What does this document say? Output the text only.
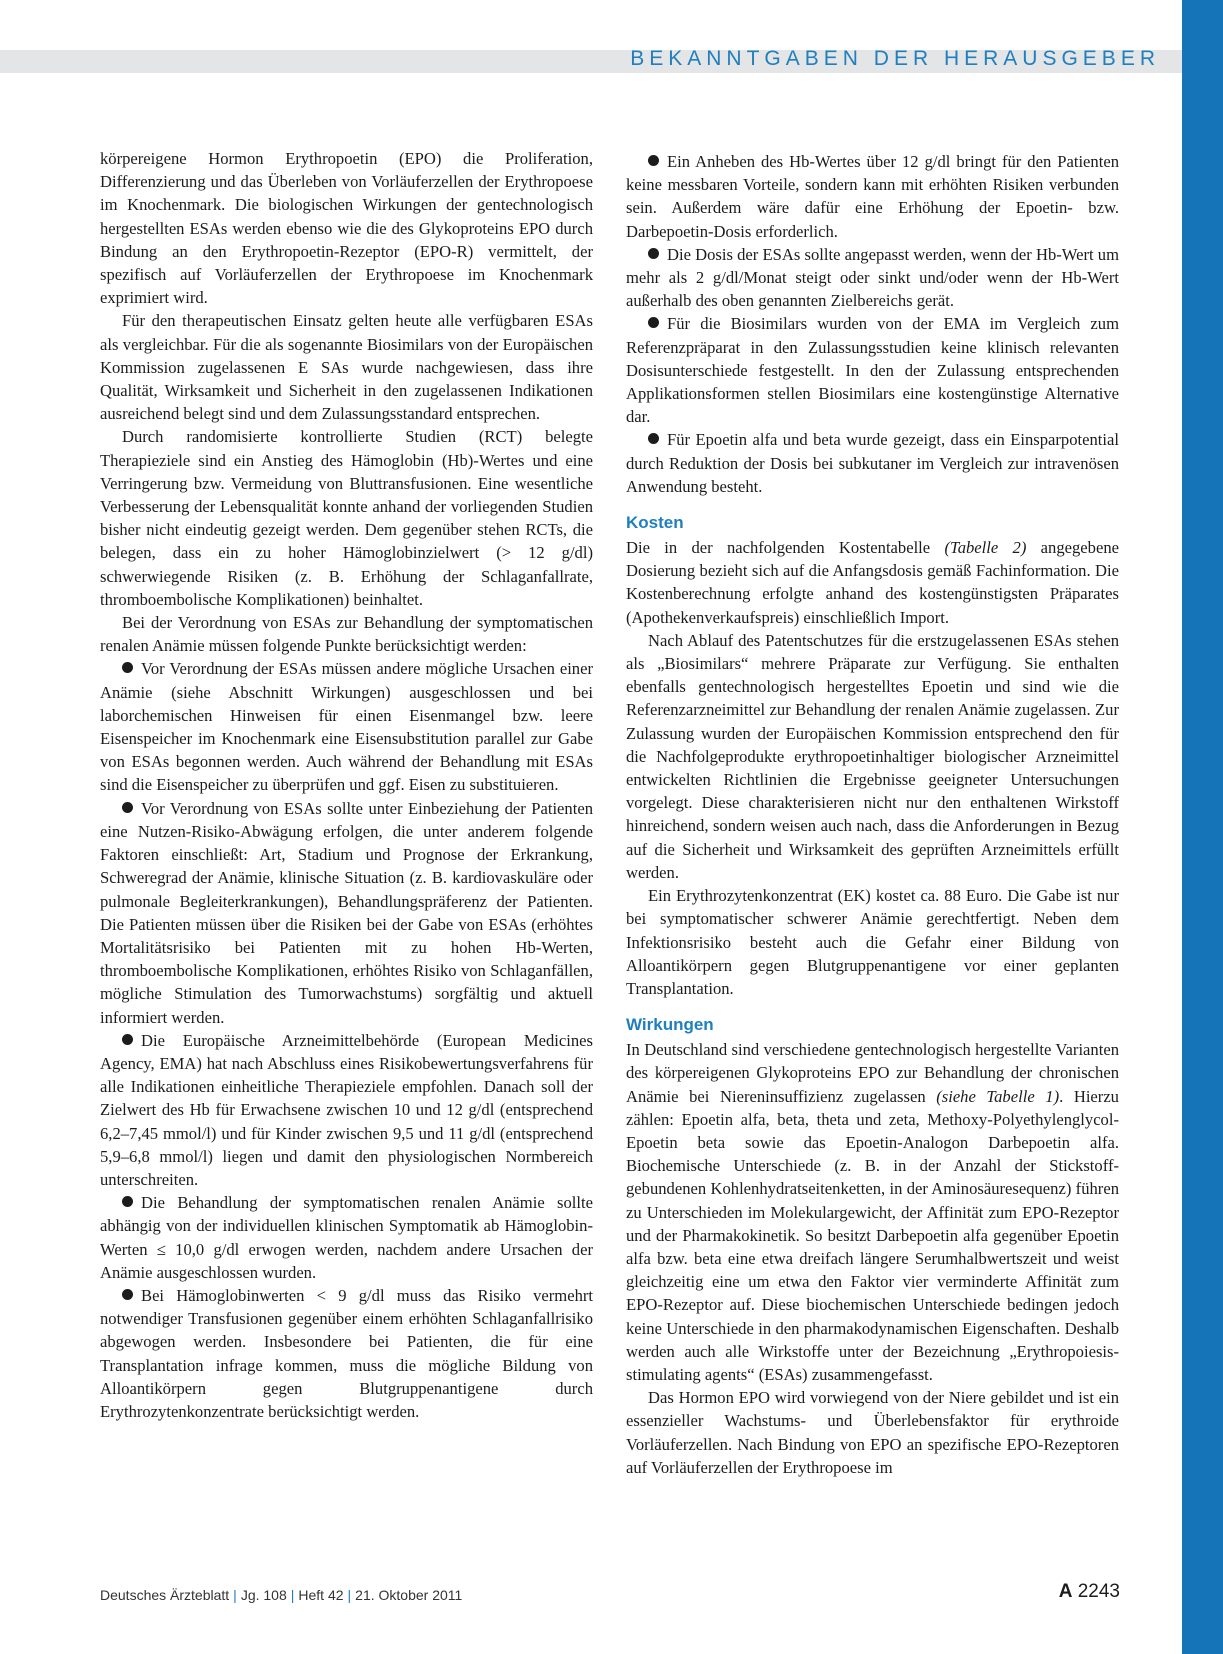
BEKANNTGABEN DER HERAUSGEBER

körpereigene Hormon Erythropoetin (EPO) die Proliferation, Differenzierung und das Überleben von Vorläuferzellen der Erythropoese im Knochenmark. Die biologischen Wirkungen der gentechnologisch hergestellten ESAs werden ebenso wie die des Glykoproteins EPO durch Bindung an den Erythropoetin-Rezeptor (EPO-R) vermittelt, der spezifisch auf Vorläuferzellen der Erythropoese im Knochenmark exprimiert wird.

Für den therapeutischen Einsatz gelten heute alle verfügbaren ESAs als vergleichbar. Für die als sogenannte Biosimilars von der Europäischen Kommission zugelassenen E SAs wurde nachgewiesen, dass ihre Qualität, Wirksamkeit und Sicherheit in den zugelassenen Indikationen ausreichend belegt sind und dem Zulassungsstandard entsprechen.

Durch randomisierte kontrollierte Studien (RCT) belegte Therapieziele sind ein Anstieg des Hämoglobin (Hb)-Wertes und eine Verringerung bzw. Vermeidung von Bluttransfusionen. Eine wesentliche Verbesserung der Lebensqualität konnte anhand der vorliegenden Studien bisher nicht eindeutig gezeigt werden. Dem gegenüber stehen RCTs, die belegen, dass ein zu hoher Hämoglobinzielwert (> 12 g/dl) schwerwiegende Risiken (z. B. Erhöhung der Schlaganfallrate, thromboembolische Komplikationen) beinhaltet.

Bei der Verordnung von ESAs zur Behandlung der symptomatischen renalen Anämie müssen folgende Punkte berücksichtigt werden:

Vor Verordnung der ESAs müssen andere mögliche Ursachen einer Anämie (siehe Abschnitt Wirkungen) ausgeschlossen und bei laborchemischen Hinweisen für einen Eisenmangel bzw. leere Eisenspeicher im Knochenmark eine Eisensubstitution parallel zur Gabe von ESAs begonnen werden. Auch während der Behandlung mit ESAs sind die Eisenspeicher zu überprüfen und ggf. Eisen zu substituieren.

Vor Verordnung von ESAs sollte unter Einbeziehung der Patienten eine Nutzen-Risiko-Abwägung erfolgen, die unter anderem folgende Faktoren einschließt: Art, Stadium und Prognose der Erkrankung, Schweregrad der Anämie, klinische Situation (z. B. kardiovaskuläre oder pulmonale Begleiterkrankungen), Behandlungspräferenz der Patienten. Die Patienten müssen über die Risiken bei der Gabe von ESAs (erhöhtes Mortalitätsrisiko bei Patienten mit zu hohen Hb-Werten, thromboembolische Komplikationen, erhöhtes Risiko von Schlaganfällen, mögliche Stimulation des Tumorwachstums) sorgfältig und aktuell informiert werden.

Die Europäische Arzneimittelbehörde (European Medicines Agency, EMA) hat nach Abschluss eines Risikobewertungsverfahrens für alle Indikationen einheitliche Therapieziele empfohlen. Danach soll der Zielwert des Hb für Erwachsene zwischen 10 und 12 g/dl (entsprechend 6,2–7,45 mmol/l) und für Kinder zwischen 9,5 und 11 g/dl (entsprechend 5,9–6,8 mmol/l) liegen und damit den physiologischen Normbereich unterschreiten.

Die Behandlung der symptomatischen renalen Anämie sollte abhängig von der individuellen klinischen Symptomatik ab Hämoglobin-Werten ≤ 10,0 g/dl erwogen werden, nachdem andere Ursachen der Anämie ausgeschlossen wurden.

Bei Hämoglobinwerten < 9 g/dl muss das Risiko vermehrt notwendiger Transfusionen gegenüber einem erhöhten Schlaganfallrisiko abgewogen werden. Insbesondere bei Patienten, die für eine Transplantation infrage kommen, muss die mögliche Bildung von Alloantikörpern gegen Blutgruppenantigene durch Erythrozytenkonzentrate berücksichtigt werden.

Ein Anheben des Hb-Wertes über 12 g/dl bringt für den Patienten keine messbaren Vorteile, sondern kann mit erhöhten Risiken verbunden sein. Außerdem wäre dafür eine Erhöhung der Epoetin- bzw. Darbepoetin-Dosis erforderlich.

Die Dosis der ESAs sollte angepasst werden, wenn der Hb-Wert um mehr als 2 g/dl/Monat steigt oder sinkt und/oder wenn der Hb-Wert außerhalb des oben genannten Zielbereichs gerät.

Für die Biosimilars wurden von der EMA im Vergleich zum Referenzpräparat in den Zulassungsstudien keine klinisch relevanten Dosisunterschiede festgestellt. In den der Zulassung entsprechenden Applikationsformen stellen Biosimilars eine kostengünstige Alternative dar.

Für Epoetin alfa und beta wurde gezeigt, dass ein Einsparpotential durch Reduktion der Dosis bei subkutaner im Vergleich zur intravenösen Anwendung besteht.

Kosten

Die in der nachfolgenden Kostentabelle (Tabelle 2) angegebene Dosierung bezieht sich auf die Anfangsdosis gemäß Fachinformation. Die Kostenberechnung erfolgte anhand des kostengünstigsten Präparates (Apothekenverkaufspreis) einschließlich Import.

Nach Ablauf des Patentschutzes für die erstzugelassenen ESAs stehen als „Biosimilars“ mehrere Präparate zur Verfügung. Sie enthalten ebenfalls gentechnologisch hergestelltes Epoetin und sind wie die Referenzarzneimittel zur Behandlung der renalen Anämie zugelassen. Zur Zulassung wurden der Europäischen Kommission entsprechend den für die Nachfolgeprodukte erythropoetinhaltiger biologischer Arzneimittel entwickelten Richtlinien die Ergebnisse geeigneter Untersuchungen vorgelegt. Diese charakterisieren nicht nur den enthaltenen Wirkstoff hinreichend, sondern weisen auch nach, dass die Anforderungen in Bezug auf die Sicherheit und Wirksamkeit des geprüften Arzneimittels erfüllt werden.

Ein Erythrozytenkonzentrat (EK) kostet ca. 88 Euro. Die Gabe ist nur bei symptomatischer schwerer Anämie gerechtfertigt. Neben dem Infektionsrisiko besteht auch die Gefahr einer Bildung von Alloantikörpern gegen Blutgruppenantigene vor einer geplanten Transplantation.

Wirkungen

In Deutschland sind verschiedene gentechnologisch hergestellte Varianten des körpereigenen Glykoproteins EPO zur Behandlung der chronischen Anämie bei Niereninsuffizienz zugelassen (siehe Tabelle 1). Hierzu zählen: Epoetin alfa, beta, theta und zeta, Methoxy-Polyethylenglycol-Epoetin beta sowie das Epoetin-Analogon Darbepoetin alfa. Biochemische Unterschiede (z. B. in der Anzahl der Stickstoff-gebundenen Kohlenhydratseitenketten, in der Aminosäuresequenz) führen zu Unterschieden im Molekulargewicht, der Affinität zum EPO-Rezeptor und der Pharmakokinetik. So besitzt Darbepoetin alfa gegenüber Epoetin alfa bzw. beta eine etwa dreifach längere Serumhalbwertszeit und weist gleichzeitig eine um etwa den Faktor vier verminderte Affinität zum EPO-Rezeptor auf. Diese biochemischen Unterschiede bedingen jedoch keine Unterschiede in den pharmakodynamischen Eigenschaften. Deshalb werden auch alle Wirkstoffe unter der Bezeichnung „Erythropoiesis-stimulating agents“ (ESAs) zusammengefasst.

Das Hormon EPO wird vorwiegend von der Niere gebildet und ist ein essenzieller Wachstums- und Überlebensfaktor für erythroide Vorläuferzellen. Nach Bindung von EPO an spezifische EPO-Rezeptoren auf Vorläuferzellen der Erythropoese im

Deutsches Ärzteblatt | Jg. 108 | Heft 42 | 21. Oktober 2011	A 2243
